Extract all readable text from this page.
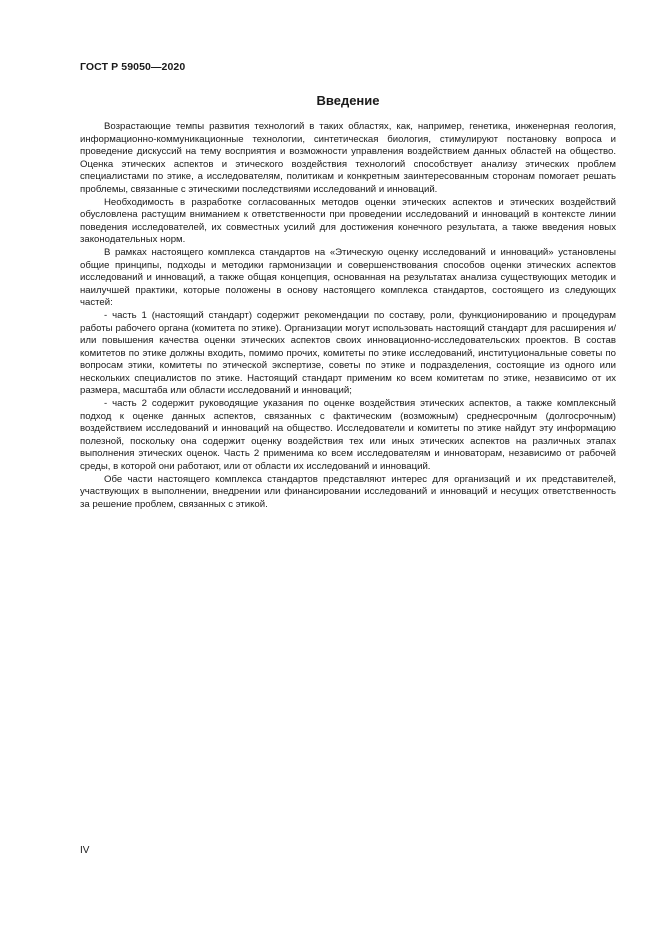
ГОСТ Р 59050—2020
Введение

Возрастающие темпы развития технологий в таких областях, как, например, генетика, инженерная геология, информационно-коммуникационные технологии, синтетическая биология, стимулируют постановку вопроса и проведение дискуссий на тему восприятия и возможности управления воздействием данных областей на общество. Оценка этических аспектов и этического воздействия технологий способствует анализу этических проблем специалистами по этике, а исследователям, политикам и конкретным заинтересованным сторонам помогает решать проблемы, связанные с этическими последствиями исследований и инноваций.

Необходимость в разработке согласованных методов оценки этических аспектов и этических воздействий обусловлена растущим вниманием к ответственности при проведении исследований и инноваций в контексте линии поведения исследователей, их совместных усилий для достижения конечного результата, а также введения новых законодательных норм.

В рамках настоящего комплекса стандартов на «Этическую оценку исследований и инноваций» установлены общие принципы, подходы и методики гармонизации и совершенствования способов оценки этических аспектов исследований и инноваций, а также общая концепция, основанная на результатах анализа существующих методик и наилучшей практики, которые положены в основу настоящего комплекса стандартов, состоящего из следующих частей:

- часть 1 (настоящий стандарт) содержит рекомендации по составу, роли, функционированию и процедурам работы рабочего органа (комитета по этике). Организации могут использовать настоящий стандарт для расширения и/или повышения качества оценки этических аспектов своих инновационно-исследовательских проектов. В состав комитетов по этике должны входить, помимо прочих, комитеты по этике исследований, институциональные советы по вопросам этики, комитеты по этической экспертизе, советы по этике и подразделения, состоящие из одного или нескольких специалистов по этике. Настоящий стандарт применим ко всем комитетам по этике, независимо от их размера, масштаба или области исследований и инноваций;

- часть 2 содержит руководящие указания по оценке воздействия этических аспектов, а также комплексный подход к оценке данных аспектов, связанных с фактическим (возможным) среднесрочным (долгосрочным) воздействием исследований и инноваций на общество. Исследователи и комитеты по этике найдут эту информацию полезной, поскольку она содержит оценку воздействия тех или иных этических аспектов на различных этапах выполнения этических оценок. Часть 2 применима ко всем исследователям и инноваторам, независимо от рабочей среды, в которой они работают, или от области их исследований и инноваций.

Обе части настоящего комплекса стандартов представляют интерес для организаций и их представителей, участвующих в выполнении, внедрении или финансировании исследований и инноваций и несущих ответственность за решение проблем, связанных с этикой.

IV
